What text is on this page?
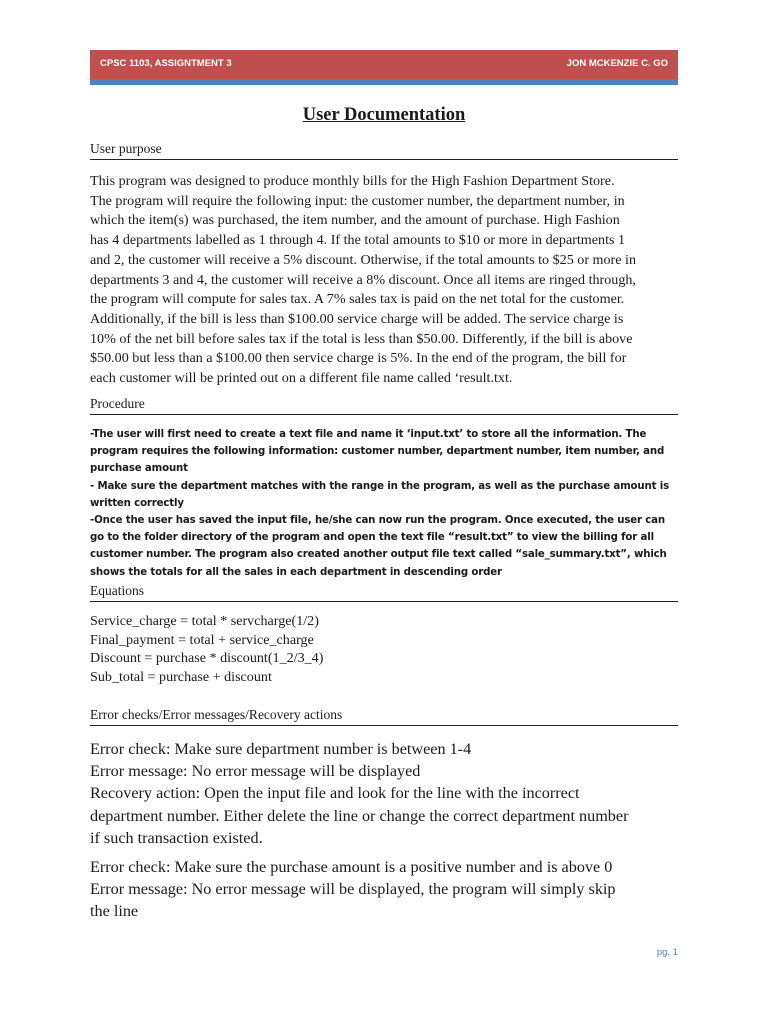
CPSC 1103, ASSIGNTMENT 3	JON MCKENZIE C. GO
User Documentation
User purpose
This program was designed to produce monthly bills for the High Fashion Department Store.
The program will require the following input: the customer number, the department number, in
which the item(s) was purchased, the item number, and the amount of purchase. High Fashion
has 4 departments labelled as 1 through 4. If the total amounts to $10 or more in departments 1
and 2, the customer will receive a 5% discount. Otherwise, if the total amounts to $25 or more in
departments 3 and 4, the customer will receive a 8% discount. Once all items are ringed through,
the program will compute for sales tax. A 7% sales tax is paid on the net total for the customer.
Additionally, if the bill is less than $100.00 service charge will be added. The service charge is
10% of the net bill before sales tax if the total is less than $50.00. Differently, if the bill is above
$50.00 but less than a $100.00 then service charge is 5%. In the end of the program, the bill for
each customer will be printed out on a different file name called ‘result.txt.
Procedure
-The user will first need to create a text file and name it ‘input.txt’ to store all the information. The
program requires the following information: customer number, department number, item number, and
purchase amount
- Make sure the department matches with the range in the program, as well as the purchase amount is
written correctly
-Once the user has saved the input file, he/she can now run the program. Once executed, the user can
go to the folder directory of the program and open the text file “result.txt” to view the billing for all
customer number. The program also created another output file text called “sale_summary.txt”, which
shows the totals for all the sales in each department in descending order
Equations
Service_charge = total * servcharge(1/2)
Final_payment = total + service_charge
Discount = purchase * discount(1_2/3_4)
Sub_total = purchase + discount
Error checks/Error messages/Recovery actions
Error check: Make sure department number is between 1-4
Error message: No error message will be displayed
Recovery action: Open the input file and look for the line with the incorrect
department number. Either delete the line or change the correct department number
if such transaction existed.
Error check: Make sure the purchase amount is a positive number and is above 0
Error message: No error message will be displayed, the program will simply skip
the line
pg. 1
